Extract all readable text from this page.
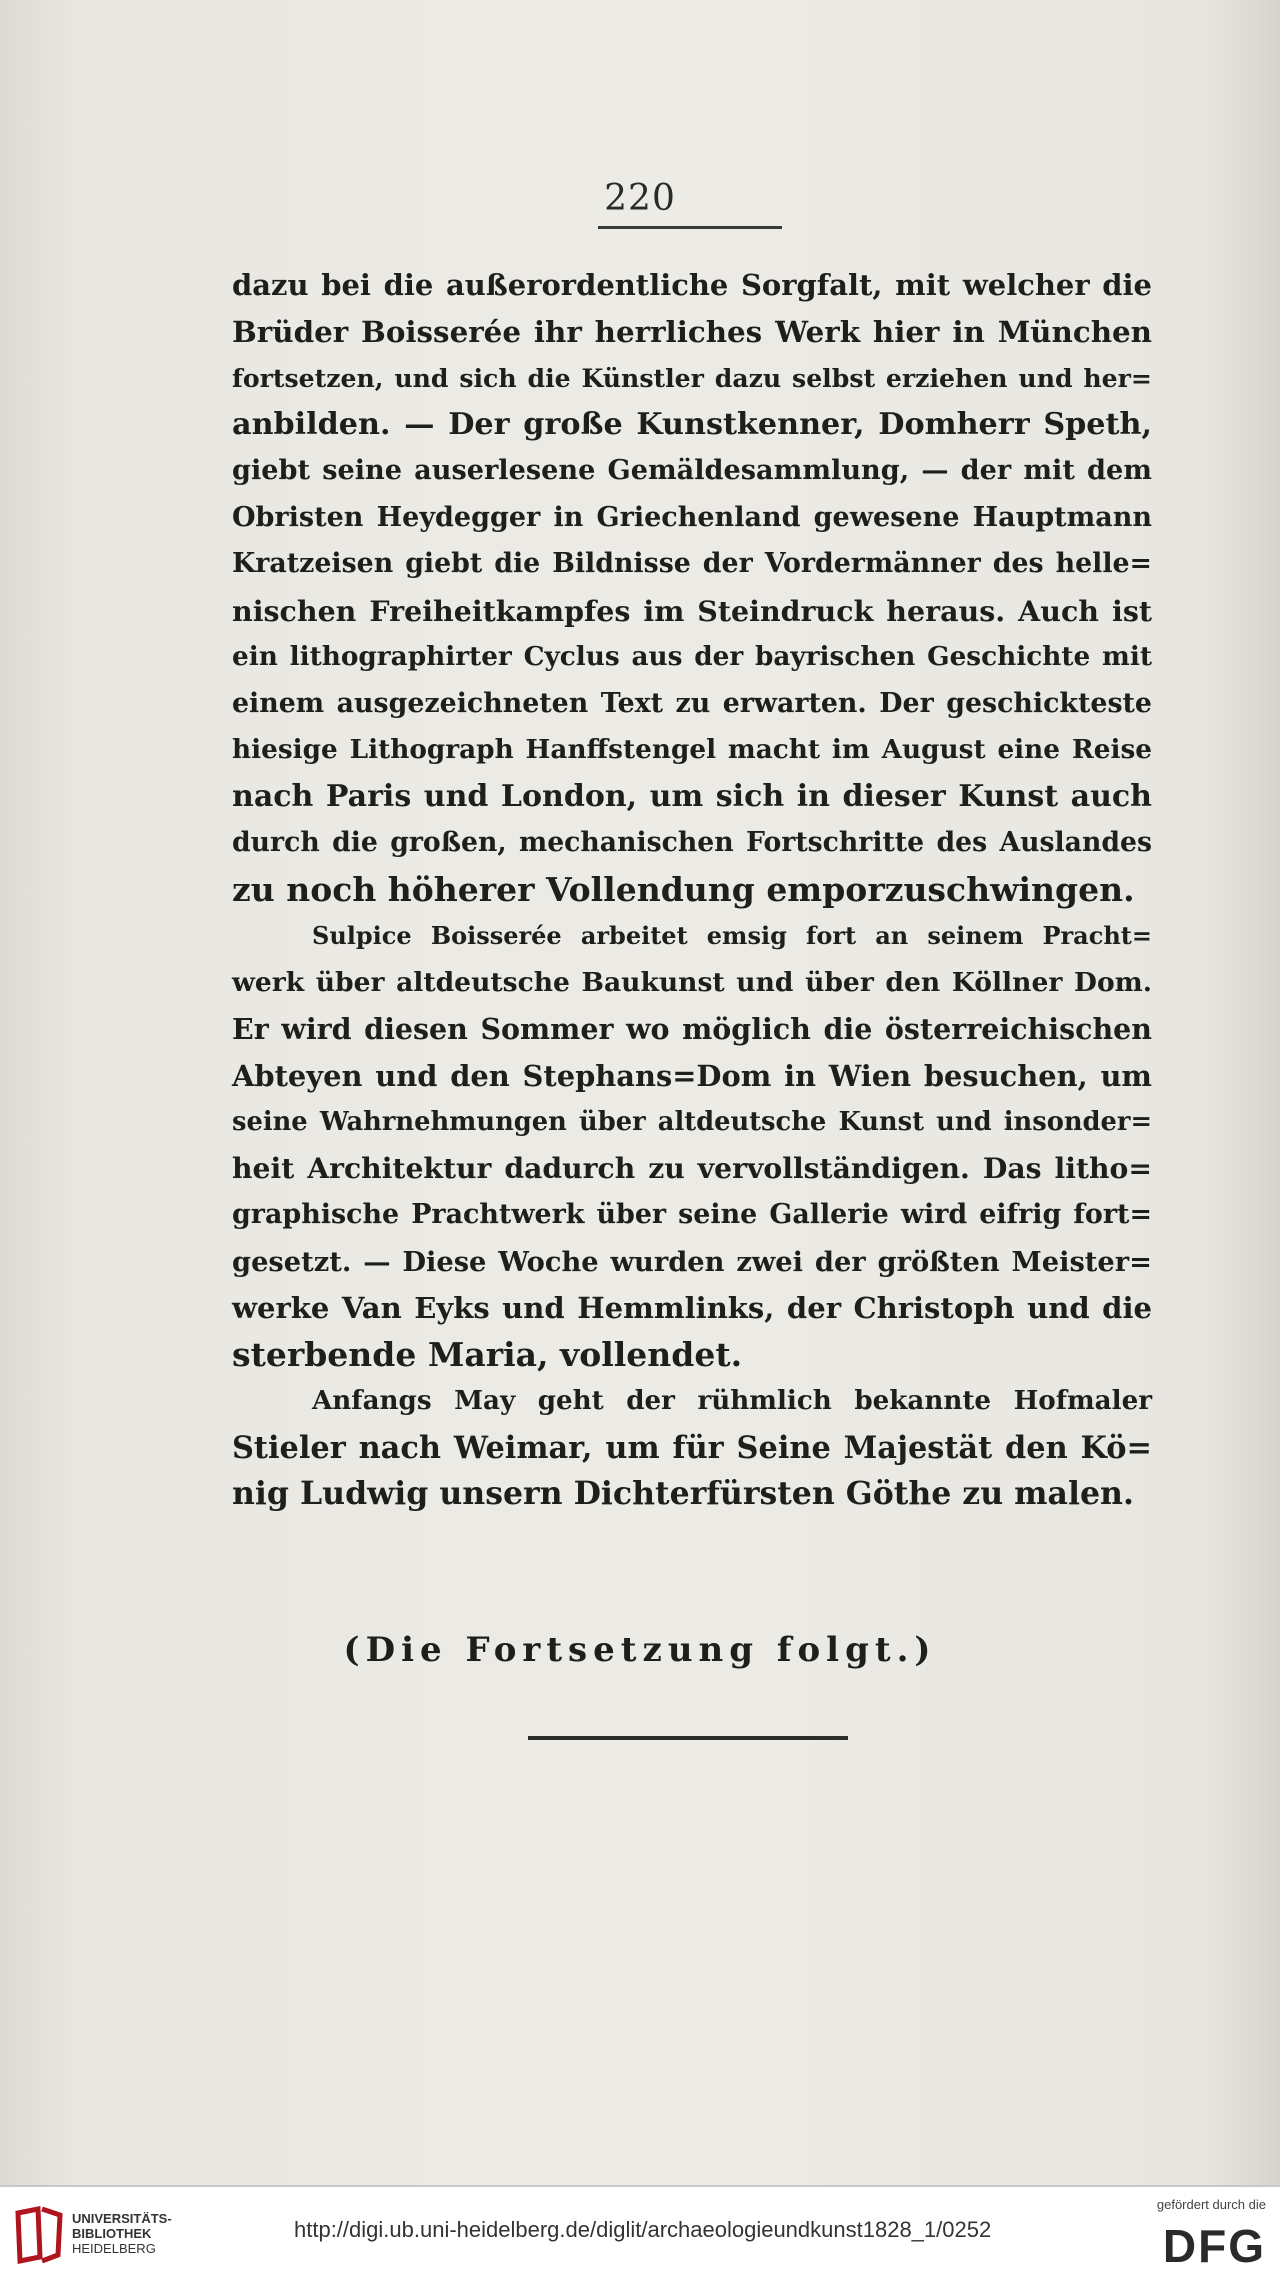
220
dazu bei die außerordentliche Sorgfalt, mit welcher die
Brüder Boisserée ihr herrliches Werk hier in München
fortsetzen, und sich die Künstler dazu selbst erziehen und her=
anbilden. — Der große Kunstkenner, Domherr Speth,
giebt seine auserlesene Gemäldesammlung, — der mit dem
Obristen Heydegger in Griechenland gewesene Hauptmann
Kratzeisen giebt die Bildnisse der Vordermänner des helle=
nischen Freiheitkampfes im Steindruck heraus. Auch ist
ein lithographirter Cyclus aus der bayrischen Geschichte mit
einem ausgezeichneten Text zu erwarten. Der geschickteste
hiesige Lithograph Hanffstengel macht im August eine Reise
nach Paris und London, um sich in dieser Kunst auch
durch die großen, mechanischen Fortschritte des Auslandes
zu noch höherer Vollendung emporzuschwingen.
Sulpice Boisserée arbeitet emsig fort an seinem Pracht=
werk über altdeutsche Baukunst und über den Köllner Dom.
Er wird diesen Sommer wo möglich die österreichischen
Abteyen und den Stephans=Dom in Wien besuchen, um
seine Wahrnehmungen über altdeutsche Kunst und insonder=
heit Architektur dadurch zu vervollständigen. Das litho=
graphische Prachtwerk über seine Gallerie wird eifrig fort=
gesetzt. — Diese Woche wurden zwei der größten Meister=
werke Van Eyks und Hemmlinks, der Christoph und die
sterbende Maria, vollendet.
Anfangs May geht der rühmlich bekannte Hofmaler
Stieler nach Weimar, um für Seine Majestät den Kö=
nig Ludwig unsern Dichterfürsten Göthe zu malen.
(Die Fortsetzung folgt.)
UNIVERSITÄTS-
BIBLIOTHEK
HEIDELBERG
http://digi.ub.uni-heidelberg.de/diglit/archaeologieundkunst1828_1/0252
gefördert durch die
DFG
